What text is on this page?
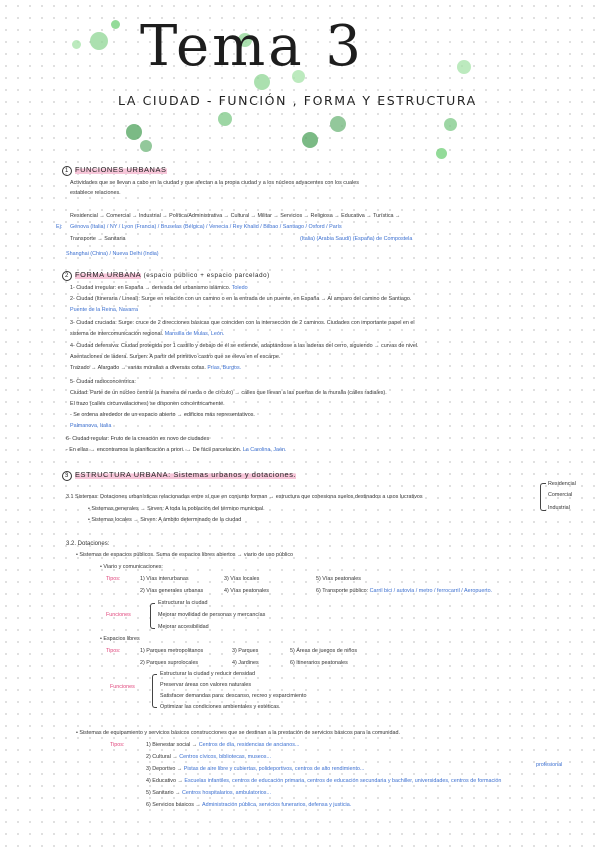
Tema 3
LA CIUDAD - FUNCIÓN , FORMA Y ESTRUCTURA
1 FUNCIONES URBANAS
Actividades que se llevan a cabo en la ciudad y que afectan a la propia ciudad y a los núcleos adyacentes con los cuales
establece relaciones.
Residencial → Comercial → Industrial → Política/Administrativa → Cultural → Militar → Servicios → Religiosa → Educativa → Turística →
Ej: Génova (Italia) / NY / Lyon (Francia) / Bruselas (Bélgica) / Venecia / Rey Khalid / Bilbao / Santiago / Oxford / París
Transporte → Sanitaria	(Italia) (Arabia Saudí) (España) de Compostela
Shanghai (China) / Nueva Delhi (India)
2 FORMA URBANA (espacio público + espacio parcelado)
1- Ciudad irregular: en España → derivada del urbanismo islámico. Toledo
2- Ciudad (Itineraria / Lineal): Surge en relación con un camino o en la entrada de un puente, en España → Al amparo del camino de Santiago.
Puente de la Reina, Navarra
3- Ciudad cruciada: Surge: cruce de 2 direcciones básicas que coinciden con la intersección de 2 caminos. Ciudades con importante papel en el
sistema de intercomunicación regional. Mansilla de Mulas, León.
4- Ciudad defensiva: Ciudad protegida por 1 castillo y debajo de él se extiende, adaptándose a las laderas del cerro, siguiendo → curvas de nivel.
Asentaciones de ladera. Surgen: A partir del primitivo castro que se eleva en el escarpe.
Trazado → Alargado → varias murallas a diversas cotas. Frías, Burgos.
5- Ciudad radioconcéntrica:
Ciudad: Parte de un núcleo central (a manera de rueda o de círculo) → calles que llevan a las puertas de la muralla (calles radiales).
El trazo (calles circunvalaciones) se disponen concéntricamente.
- Se ordena alrededor de un espacio abierto → edificios más representativos.
Palmanova, Italia
6- Ciudad regular: Fruto de la creación ex novo de ciudades
- En ellas → encontramos la planificación a priori. → De fácil parcelación. La Carolina, Jaén.
3 ESTRUCTURA URBANA: Sistemas urbanos y dotaciones.
3.1 Sistemas: Dotaciones urbanísticas relacionadas entre sí que en conjunto forman → estructura que cohesiona suelos destinados a usos lucrativos
Residencial
Comercial
Industrial
• Sistemas generales → Sirven: A toda la población del término municipal.
• Sistemas locales → Sirven: A ámbito determinado de la ciudad
3.2. Dotaciones:
• Sistemas de espacios públicos. Suma de espacios libres abiertos → viario de uso público
• Viario y comunicaciones:
Tipos:	1) Vías interurbanas	3) Vías locales	5) Vías peatonales
2) Vías generales urbanas	4) Vías peatonales	6) Transporte público: Carril bici / autovía / metro / ferrocarril / Aeropuerto.
Funciones
Estructurar la ciudad
Mejorar movilidad de personas y mercancías
Mejorar accesibilidad
• Espacios libres
Tipos:	1) Parques metropolitanos	3) Parques	5) Áreas de juegos de niños
2) Parques suprolocales	4) Jardines	6) Itinerarios peatonales
Funciones
Estructurar la ciudad y reducir densidad
Preservar áreas con valores naturales
Satisfacer demandas para: descanso, recreo y esparcimiento
Optimizar las condiciones ambientales y estéticas.
• Sistemas de equipamiento y servicios básicos construcciones que se destinan a la prestación de servicios básicos para la comunidad.
Tipos:	1) Bienestar social → Centros de día, residencias de ancianos...
2) Cultural → Centros cívicos, bibliotecas, museos...
3) Deportivo → Pistas de aire libre y cubiertas, polideportivos, centros de alto rendimiento...
profesional
4) Educativo → Escuelas infantiles, centros de educación primaria, centros de educación secundaria y bachiller, universidades, centros de formación
5) Sanitario → Centros hospitalarios, ambulatorios...
6) Servicios básicos → Administración pública, servicios funerarios, defensa y justicia.
